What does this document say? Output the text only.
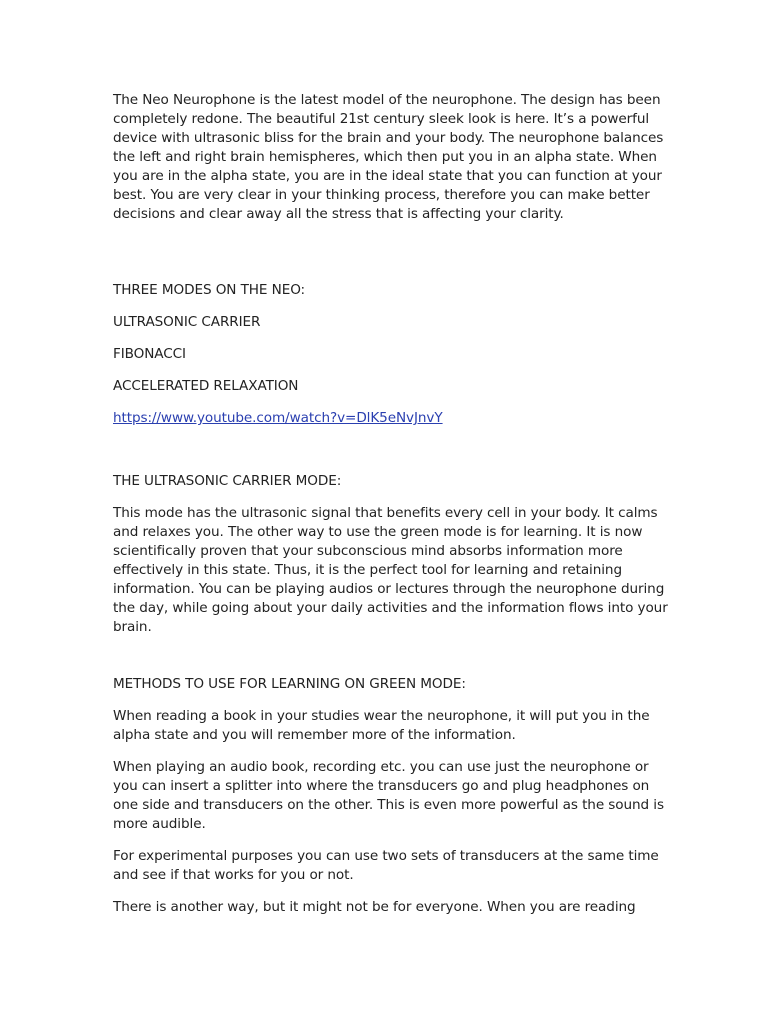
The Neo Neurophone is the latest model of the neurophone. The design has been completely redone. The beautiful 21st century sleek look is here. It’s a powerful device with ultrasonic bliss for the brain and your body. The neurophone balances the left and right brain hemispheres, which then put you in an alpha state. When you are in the alpha state, you are in the ideal state that you can function at your best. You are very clear in your thinking process, therefore you can make better decisions and clear away all the stress that is affecting your clarity.

THREE MODES ON THE NEO:

ULTRASONIC CARRIER

FIBONACCI

ACCELERATED RELAXATION

https://www.youtube.com/watch?v=DlK5eNvJnvY

THE ULTRASONIC CARRIER MODE:

This mode has the ultrasonic signal that benefits every cell in your body. It calms and relaxes you. The other way to use the green mode is for learning. It is now scientifically proven that your subconscious mind absorbs information more effectively in this state. Thus, it is the perfect tool for learning and retaining information. You can be playing audios or lectures through the neurophone during the day, while going about your daily activities and the information flows into your brain.

METHODS TO USE FOR LEARNING ON GREEN MODE:

When reading a book in your studies wear the neurophone, it will put you in the alpha state and you will remember more of the information.

When playing an audio book, recording etc. you can use just the neurophone or you can insert a splitter into where the transducers go and plug headphones on one side and transducers on the other. This is even more powerful as the sound is more audible.

For experimental purposes you can use two sets of transducers at the same time and see if that works for you or not.

There is another way, but it might not be for everyone. When you are reading
